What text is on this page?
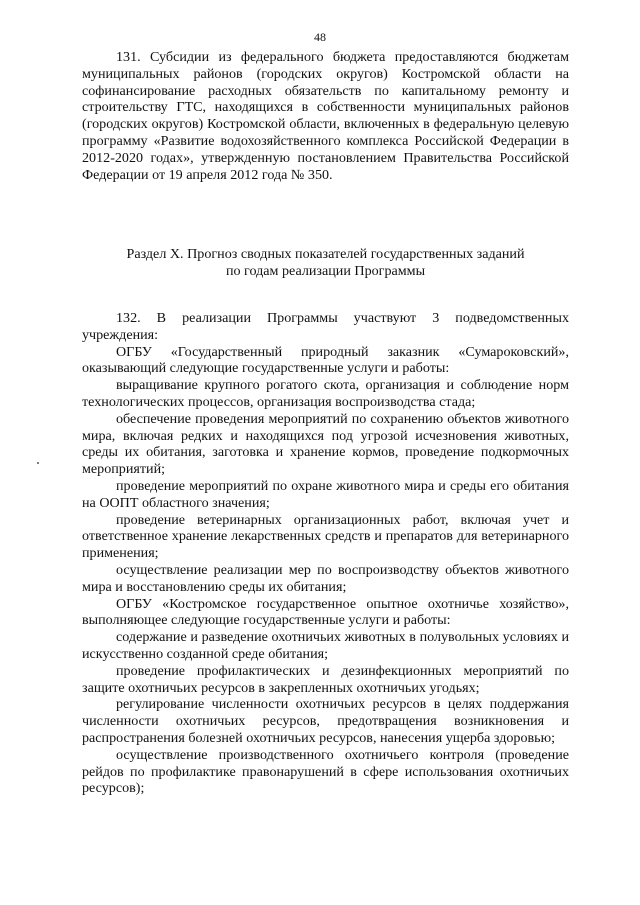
48

131. Субсидии из федерального бюджета предоставляются бюджетам муниципальных районов (городских округов) Костромской области на софинансирование расходных обязательств по капитальному ремонту и строительству ГТС, находящихся в собственности муниципальных районов (городских округов) Костромской области, включенных в федеральную целевую программу «Развитие водохозяйственного комплекса Российской Федерации в 2012-2020 годах», утвержденную постановлением Правительства Российской Федерации от 19 апреля 2012 года № 350.

Раздел X. Прогноз сводных показателей государственных заданий
по годам реализации Программы

132. В реализации Программы участвуют 3 подведомственных учреждения:

ОГБУ «Государственный природный заказник «Сумароковский», оказывающий следующие государственные услуги и работы:

выращивание крупного рогатого скота, организация и соблюдение норм технологических процессов, организация воспроизводства стада;

обеспечение проведения мероприятий по сохранению объектов животного мира, включая редких и находящихся под угрозой исчезновения животных, среды их обитания, заготовка и хранение кормов, проведение подкормочных мероприятий;

проведение мероприятий по охране животного мира и среды его обитания на ООПТ областного значения;

проведение ветеринарных организационных работ, включая учет и ответственное хранение лекарственных средств и препаратов для ветеринарного применения;

осуществление реализации мер по воспроизводству объектов животного мира и восстановлению среды их обитания;

ОГБУ «Костромское государственное опытное охотничье хозяйство», выполняющее следующие государственные услуги и работы:

содержание и разведение охотничьих животных в полувольных условиях и искусственно созданной среде обитания;

проведение профилактических и дезинфекционных мероприятий по защите охотничьих ресурсов в закрепленных охотничьих угодьях;

регулирование численности охотничьих ресурсов в целях поддержания численности охотничьих ресурсов, предотвращения возникновения и распространения болезней охотничьих ресурсов, нанесения ущерба здоровью;

осуществление производственного охотничьего контроля (проведение рейдов по профилактике правонарушений в сфере использования охотничьих ресурсов);
